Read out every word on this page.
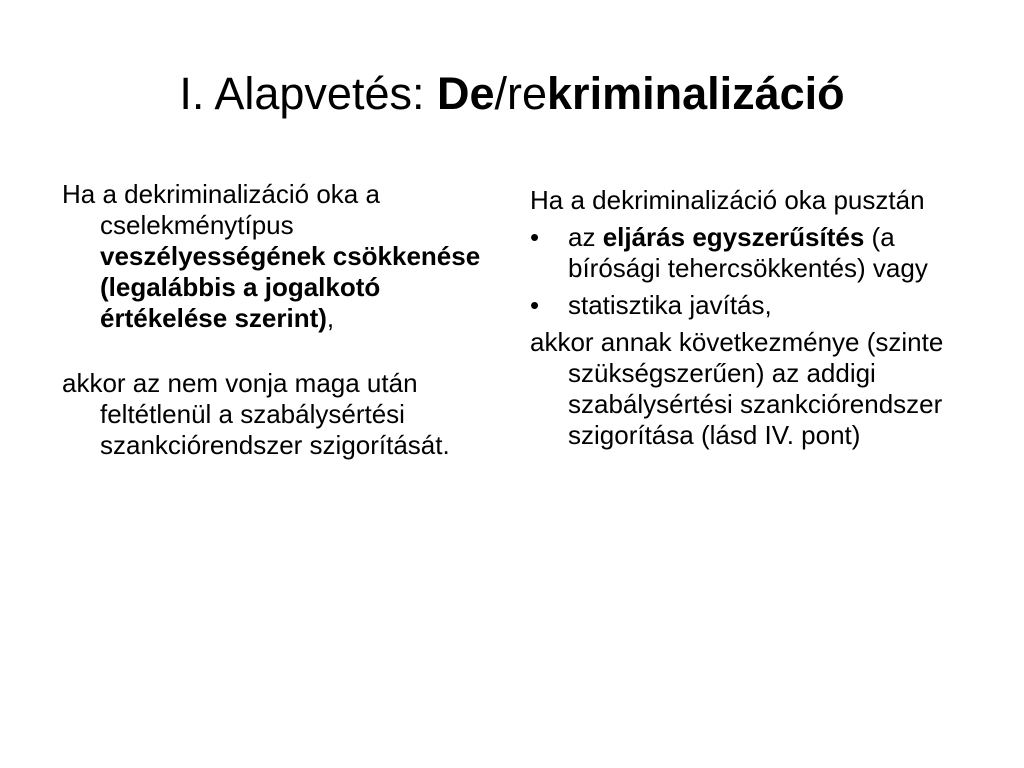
I. Alapvetés: De/rekriminalizáció

Ha a dekriminalizáció oka a cselekménytípus veszélyességének csökkenése (legalábbis a jogalkotó értékelése szerint),

akkor az nem vonja maga után feltétlenül a szabálysértési szankciórendszer szigorítását.

Ha a dekriminalizáció oka pusztán

• az eljárás egyszerűsítés (a bírósági tehercsökkentés) vagy
• statisztika javítás,

akkor annak következménye (szinte szükségszerűen) az addigi szabálysértési szankciórendszer szigorítása (lásd IV. pont)
